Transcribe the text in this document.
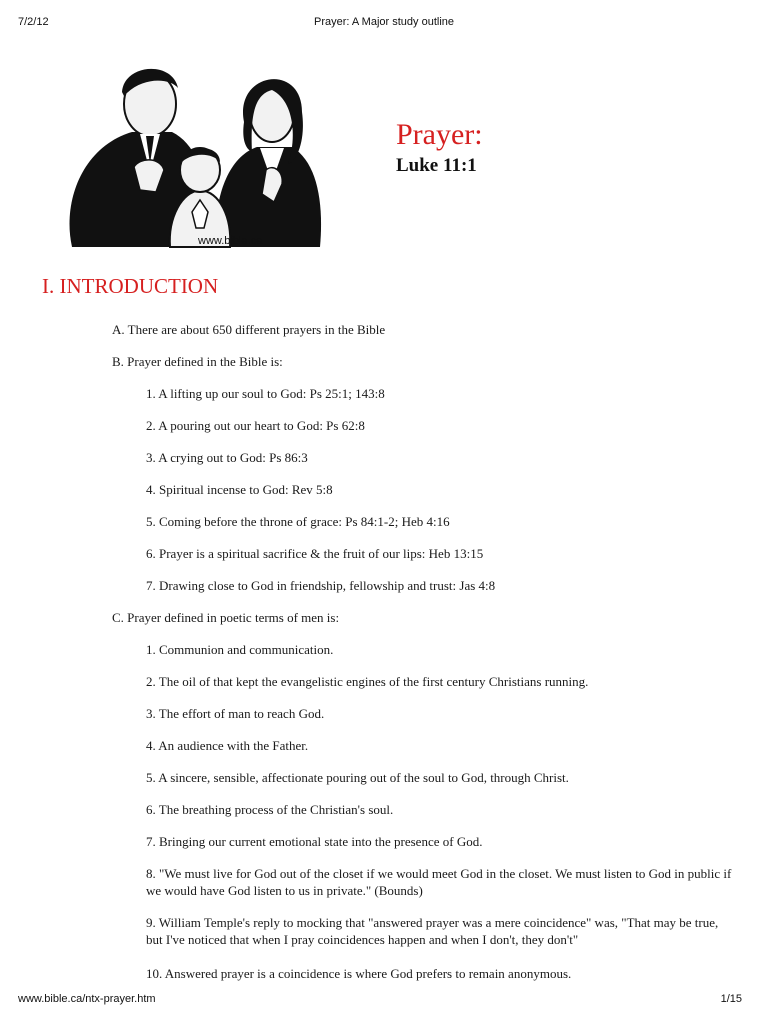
7/2/12	Prayer: A Major study outline
www.bible.ca
Prayer:
Luke 11:1
I. INTRODUCTION
A. There are about 650 different prayers in the Bible
B. Prayer defined in the Bible is:
1. A lifting up our soul to God: Ps 25:1; 143:8
2. A pouring out our heart to God: Ps 62:8
3. A crying out to God: Ps 86:3
4. Spiritual incense to God: Rev 5:8
5. Coming before the throne of grace: Ps 84:1-2; Heb 4:16
6. Prayer is a spiritual sacrifice & the fruit of our lips: Heb 13:15
7. Drawing close to God in friendship, fellowship and trust: Jas 4:8
C. Prayer defined in poetic terms of men is:
1. Communion and communication.
2. The oil of that kept the evangelistic engines of the first century Christians running.
3. The effort of man to reach God.
4. An audience with the Father.
5. A sincere, sensible, affectionate pouring out of the soul to God, through Christ.
6. The breathing process of the Christian's soul.
7. Bringing our current emotional state into the presence of God.
8. "We must live for God out of the closet if we would meet God in the closet. We must listen to God in public if we would have God listen to us in private." (Bounds)
9. William Temple's reply to mocking that "answered prayer was a mere coincidence" was, "That may be true, but I've noticed that when I pray coincidences happen and when I don't, they don't"
10. Answered prayer is a coincidence is where God prefers to remain anonymous.
www.bible.ca/ntx-prayer.htm	1/15
